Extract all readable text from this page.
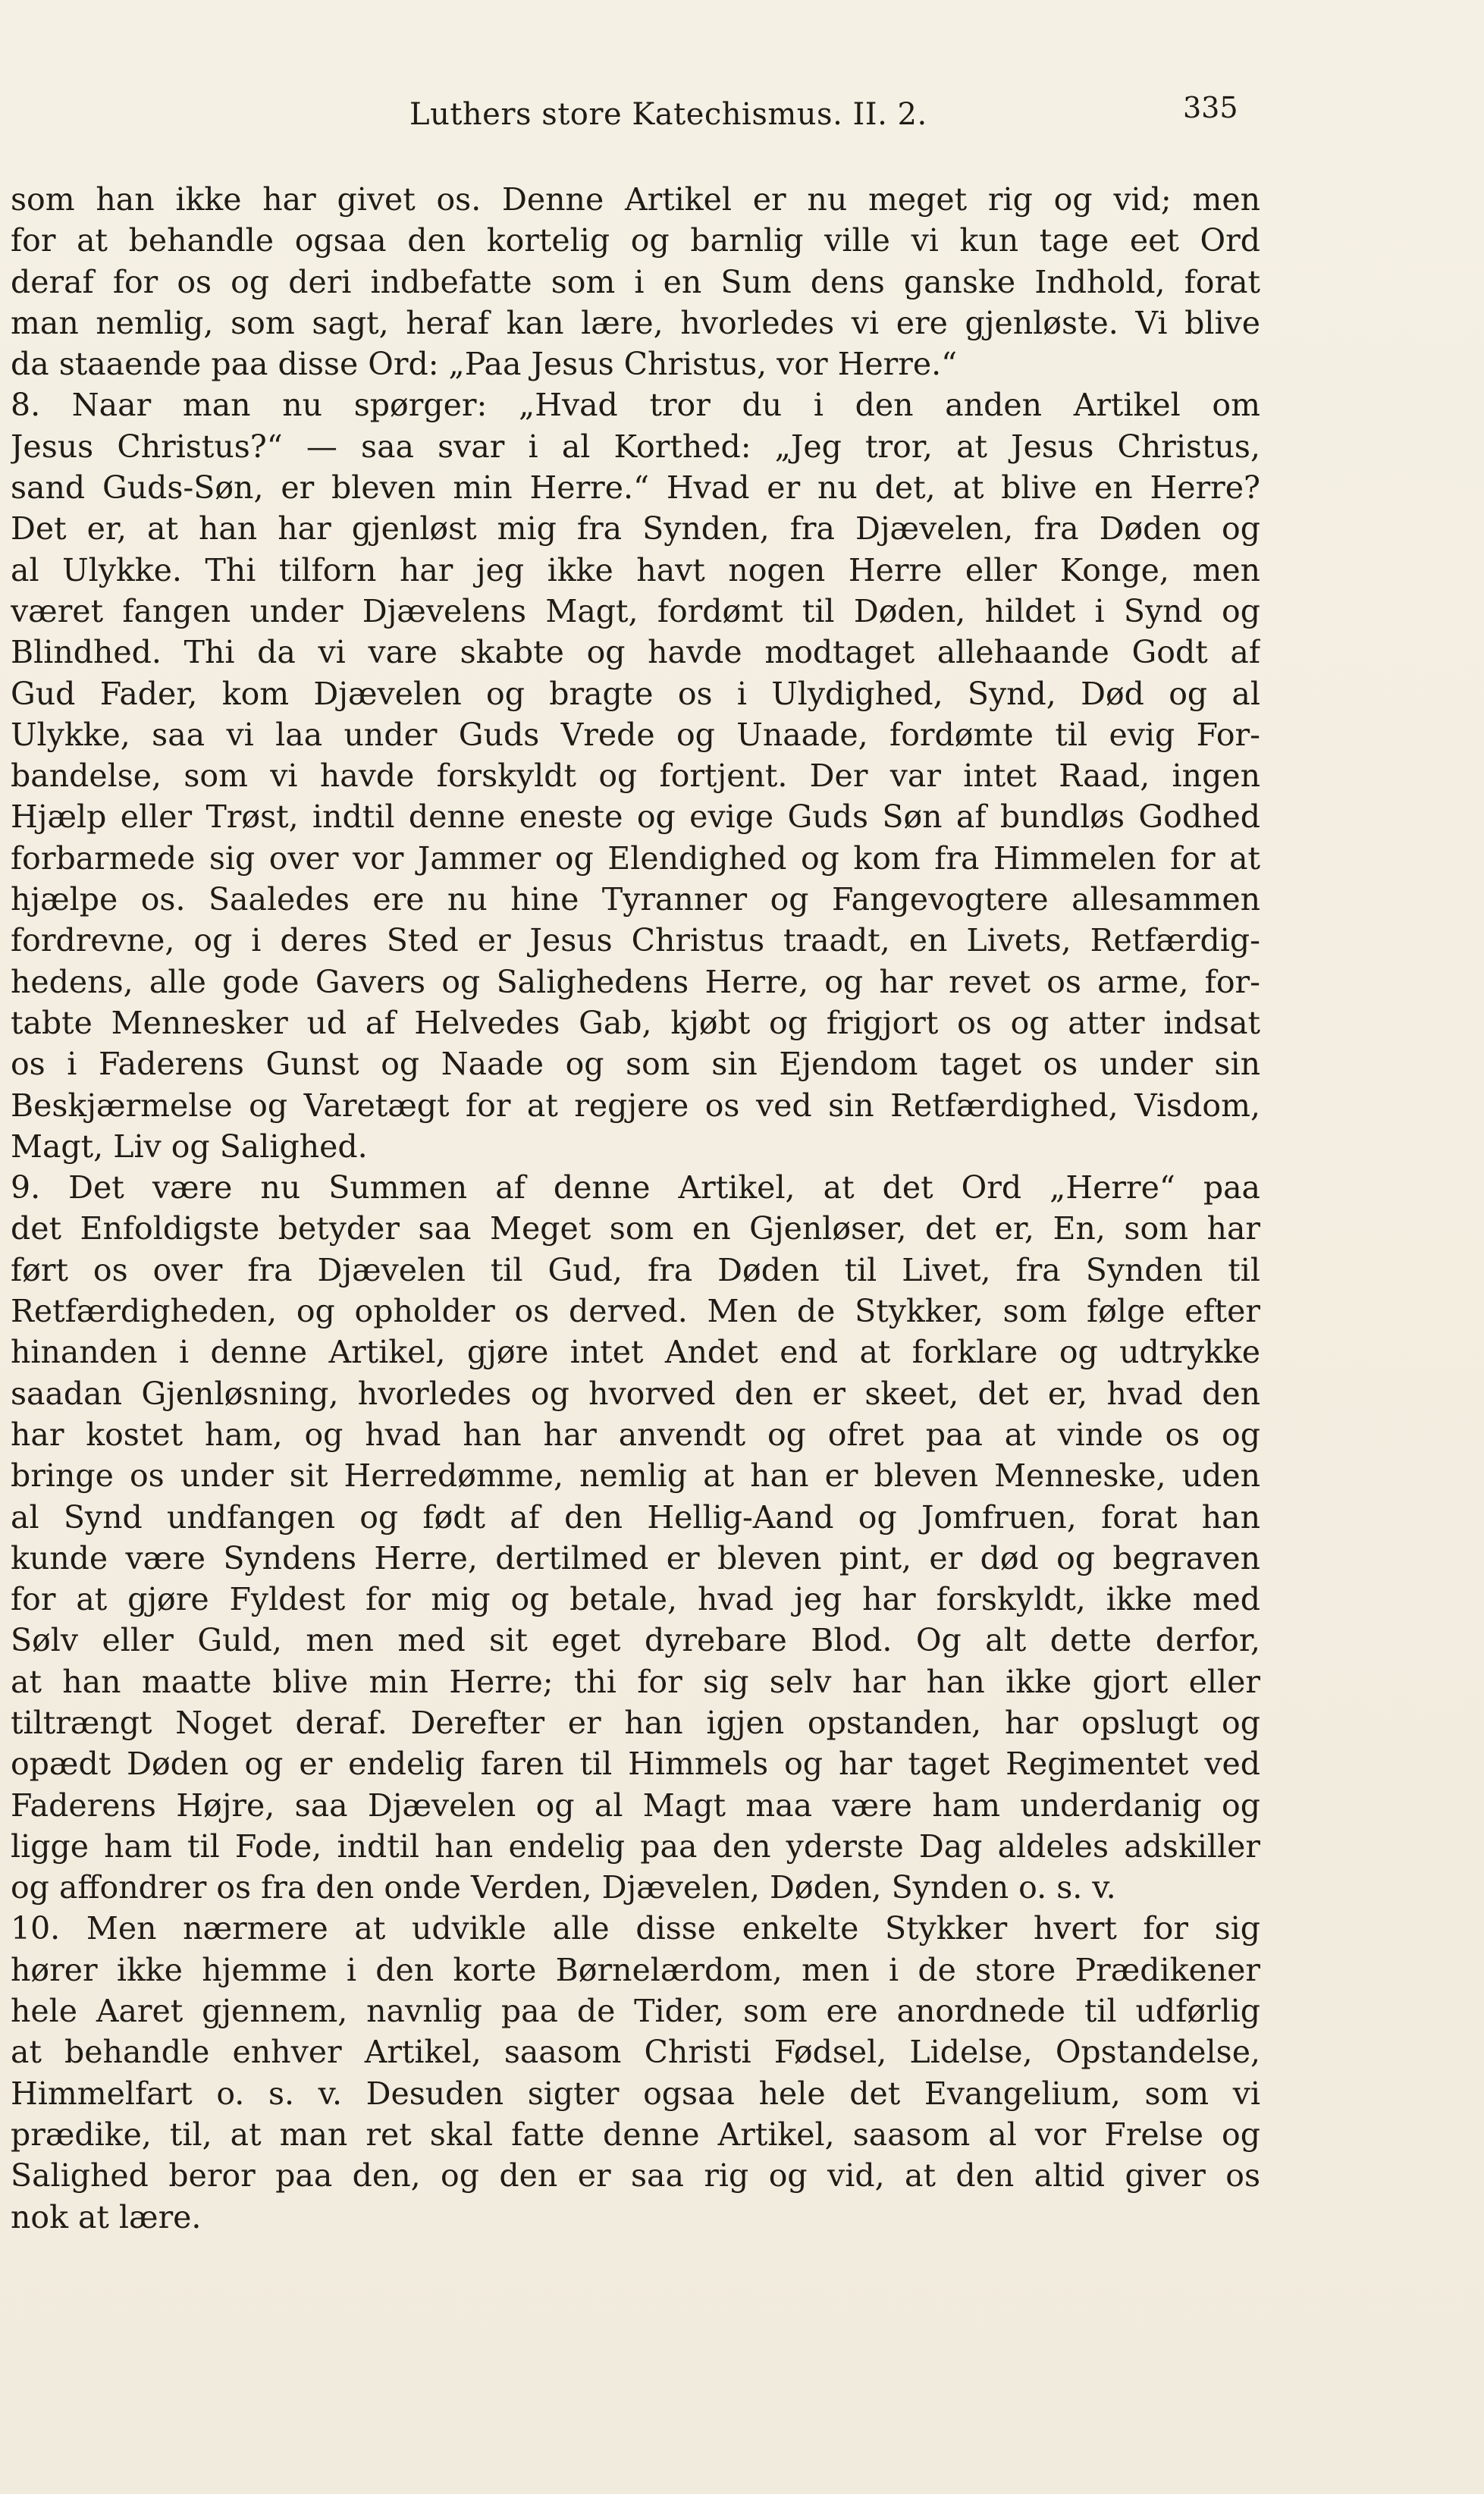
Luthers store Katechismus. II. 2.	335
som han ikke har givet os. Denne Artikel er nu meget rig og vid; men
for at behandle ogsaa den kortelig og barnlig ville vi kun tage eet Ord
deraf for os og deri indbefatte som i en Sum dens ganske Indhold, forat
man nemlig, som sagt, heraf kan lære, hvorledes vi ere gjenløste. Vi blive
da staaende paa disse Ord: „Paa Jesus Christus, vor Herre.“
8. Naar man nu spørger: „Hvad tror du i den anden Artikel om
Jesus Christus?“ — saa svar i al Korthed: „Jeg tror, at Jesus Christus,
sand Guds-Søn, er bleven min Herre.“ Hvad er nu det, at blive en Herre?
Det er, at han har gjenløst mig fra Synden, fra Djævelen, fra Døden og
al Ulykke. Thi tilforn har jeg ikke havt nogen Herre eller Konge, men
været fangen under Djævelens Magt, fordømt til Døden, hildet i Synd og
Blindhed. Thi da vi vare skabte og havde modtaget allehaande Godt af
Gud Fader, kom Djævelen og bragte os i Ulydighed, Synd, Død og al
Ulykke, saa vi laa under Guds Vrede og Unaade, fordømte til evig For-
bandelse, som vi havde forskyldt og fortjent. Der var intet Raad, ingen
Hjælp eller Trøst, indtil denne eneste og evige Guds Søn af bundløs Godhed
forbarmede sig over vor Jammer og Elendighed og kom fra Himmelen for at
hjælpe os. Saaledes ere nu hine Tyranner og Fangevogtere allesammen
fordrevne, og i deres Sted er Jesus Christus traadt, en Livets, Retfærdig-
hedens, alle gode Gavers og Salighedens Herre, og har revet os arme, for-
tabte Mennesker ud af Helvedes Gab, kjøbt og frigjort os og atter indsat
os i Faderens Gunst og Naade og som sin Ejendom taget os under sin
Beskjærmelse og Varetægt for at regjere os ved sin Retfærdighed, Visdom,
Magt, Liv og Salighed.
9. Det være nu Summen af denne Artikel, at det Ord „Herre“ paa
det Enfoldigste betyder saa Meget som en Gjenløser, det er, En, som har
ført os over fra Djævelen til Gud, fra Døden til Livet, fra Synden til
Retfærdigheden, og opholder os derved. Men de Stykker, som følge efter
hinanden i denne Artikel, gjøre intet Andet end at forklare og udtrykke
saadan Gjenløsning, hvorledes og hvorved den er skeet, det er, hvad den
har kostet ham, og hvad han har anvendt og ofret paa at vinde os og
bringe os under sit Herredømme, nemlig at han er bleven Menneske, uden
al Synd undfangen og født af den Hellig-Aand og Jomfruen, forat han
kunde være Syndens Herre, dertilmed er bleven pint, er død og begraven
for at gjøre Fyldest for mig og betale, hvad jeg har forskyldt, ikke med
Sølv eller Guld, men med sit eget dyrebare Blod. Og alt dette derfor,
at han maatte blive min Herre; thi for sig selv har han ikke gjort eller
tiltrængt Noget deraf. Derefter er han igjen opstanden, har opslugt og
opædt Døden og er endelig faren til Himmels og har taget Regimentet ved
Faderens Højre, saa Djævelen og al Magt maa være ham underdanig og
ligge ham til Fode, indtil han endelig paa den yderste Dag aldeles adskiller
og affondrer os fra den onde Verden, Djævelen, Døden, Synden o. s. v.
10. Men nærmere at udvikle alle disse enkelte Stykker hvert for sig
hører ikke hjemme i den korte Børnelærdom, men i de store Prædikener
hele Aaret gjennem, navnlig paa de Tider, som ere anordnede til udførlig
at behandle enhver Artikel, saasom Christi Fødsel, Lidelse, Opstandelse,
Himmelfart o. s. v. Desuden sigter ogsaa hele det Evangelium, som vi
prædike, til, at man ret skal fatte denne Artikel, saasom al vor Frelse og
Salighed beror paa den, og den er saa rig og vid, at den altid giver os
nok at lære.
